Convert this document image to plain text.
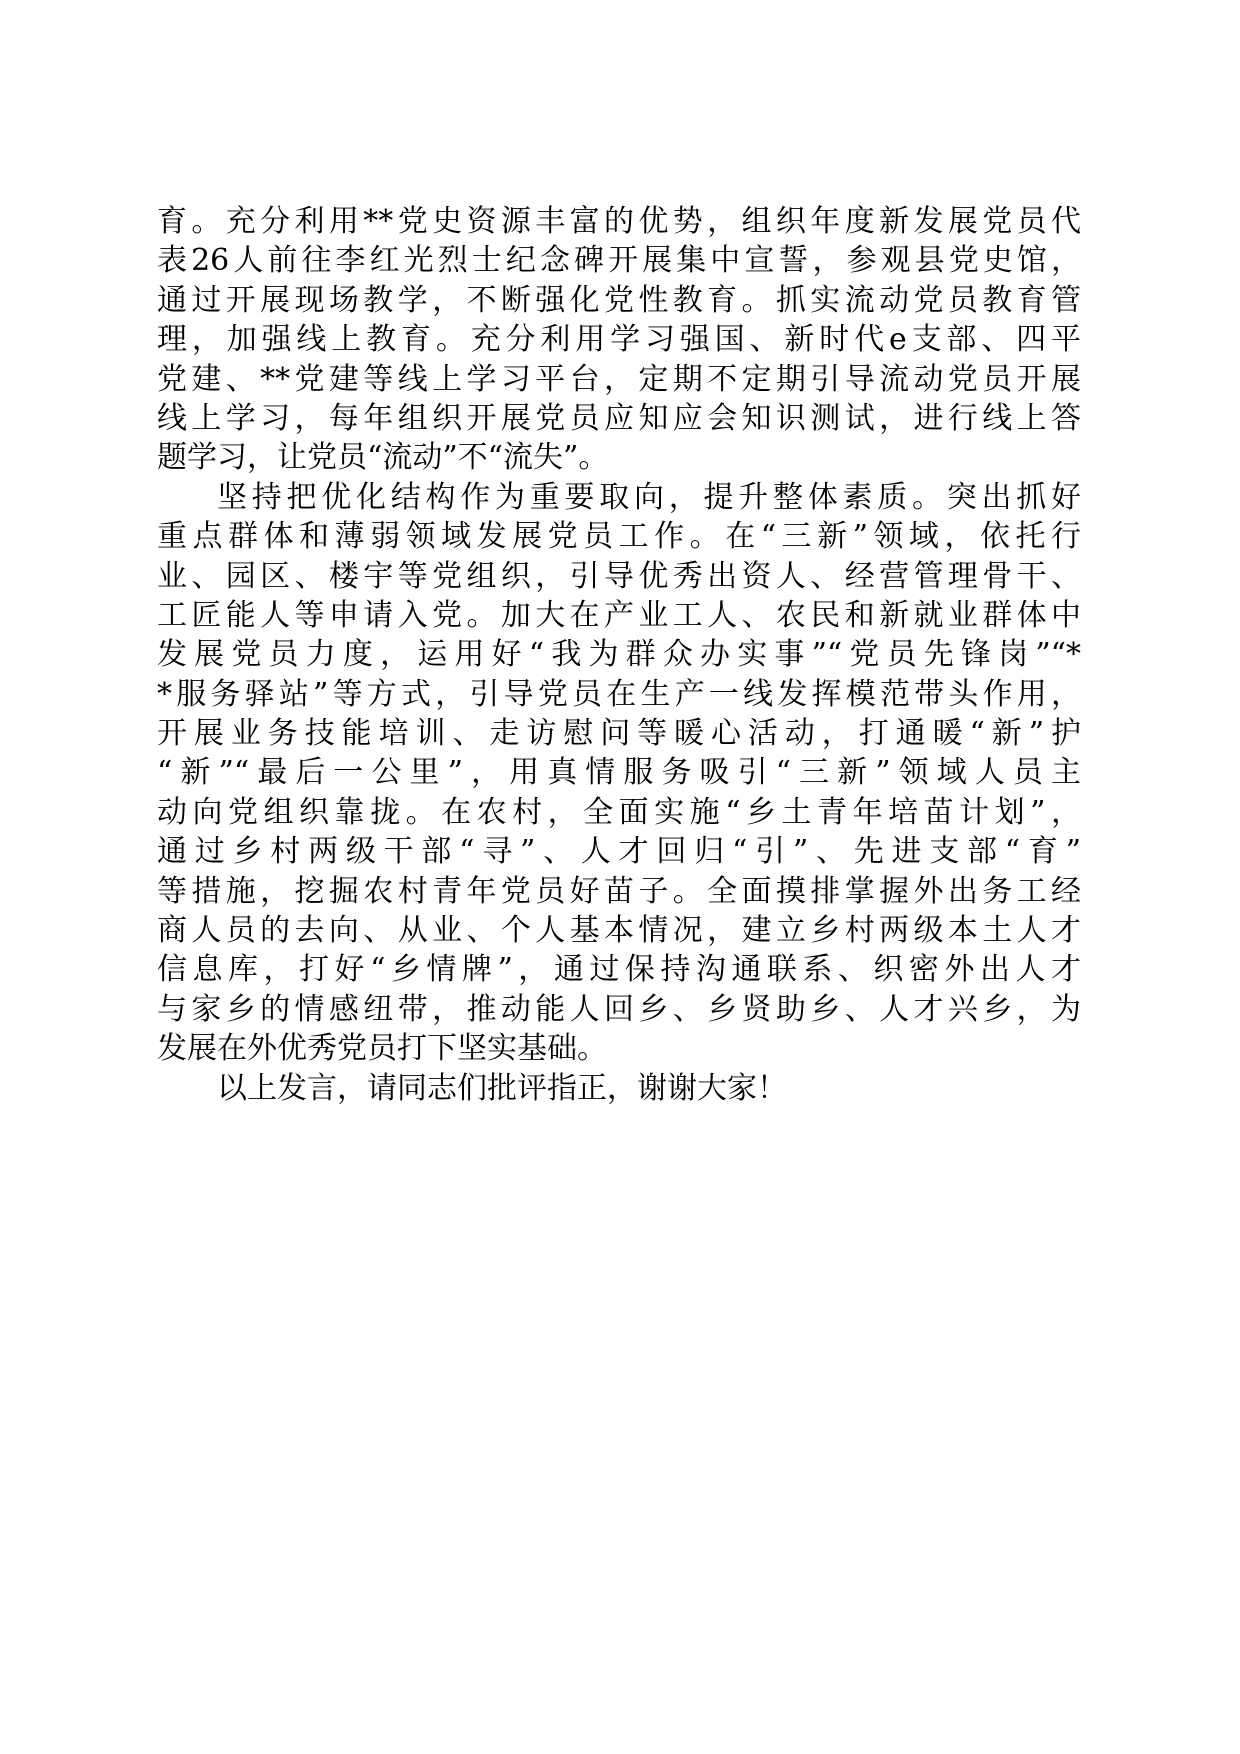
育。充分利用**党史资源丰富的优势，组织年度新发展党员代
表26人前往李红光烈士纪念碑开展集中宣誓，参观县党史馆，
通过开展现场教学，不断强化党性教育。抓实流动党员教育管
理，加强线上教育。充分利用学习强国、新时代e支部、四平
党建、**党建等线上学习平台，定期不定期引导流动党员开展
线上学习，每年组织开展党员应知应会知识测试，进行线上答
题学习，让党员“流动”不“流失”。
坚持把优化结构作为重要取向，提升整体素质。突出抓好
重点群体和薄弱领域发展党员工作。在“三新”领域，依托行
业、园区、楼宇等党组织，引导优秀出资人、经营管理骨干、
工匠能人等申请入党。加大在产业工人、农民和新就业群体中
发展党员力度，运用好“我为群众办实事”“党员先锋岗”“*
*服务驿站”等方式，引导党员在生产一线发挥模范带头作用，
开展业务技能培训、走访慰问等暖心活动，打通暖“新”护
“新”“最后一公里”，用真情服务吸引“三新”领域人员主
动向党组织靠拢。在农村，全面实施“乡土青年培苗计划”，
通过乡村两级干部“寻”、人才回归“引”、先进支部“育”
等措施，挖掘农村青年党员好苗子。全面摸排掌握外出务工经
商人员的去向、从业、个人基本情况，建立乡村两级本土人才
信息库，打好“乡情牌”，通过保持沟通联系、织密外出人才
与家乡的情感纽带，推动能人回乡、乡贤助乡、人才兴乡，为
发展在外优秀党员打下坚实基础。
以上发言，请同志们批评指正，谢谢大家！
